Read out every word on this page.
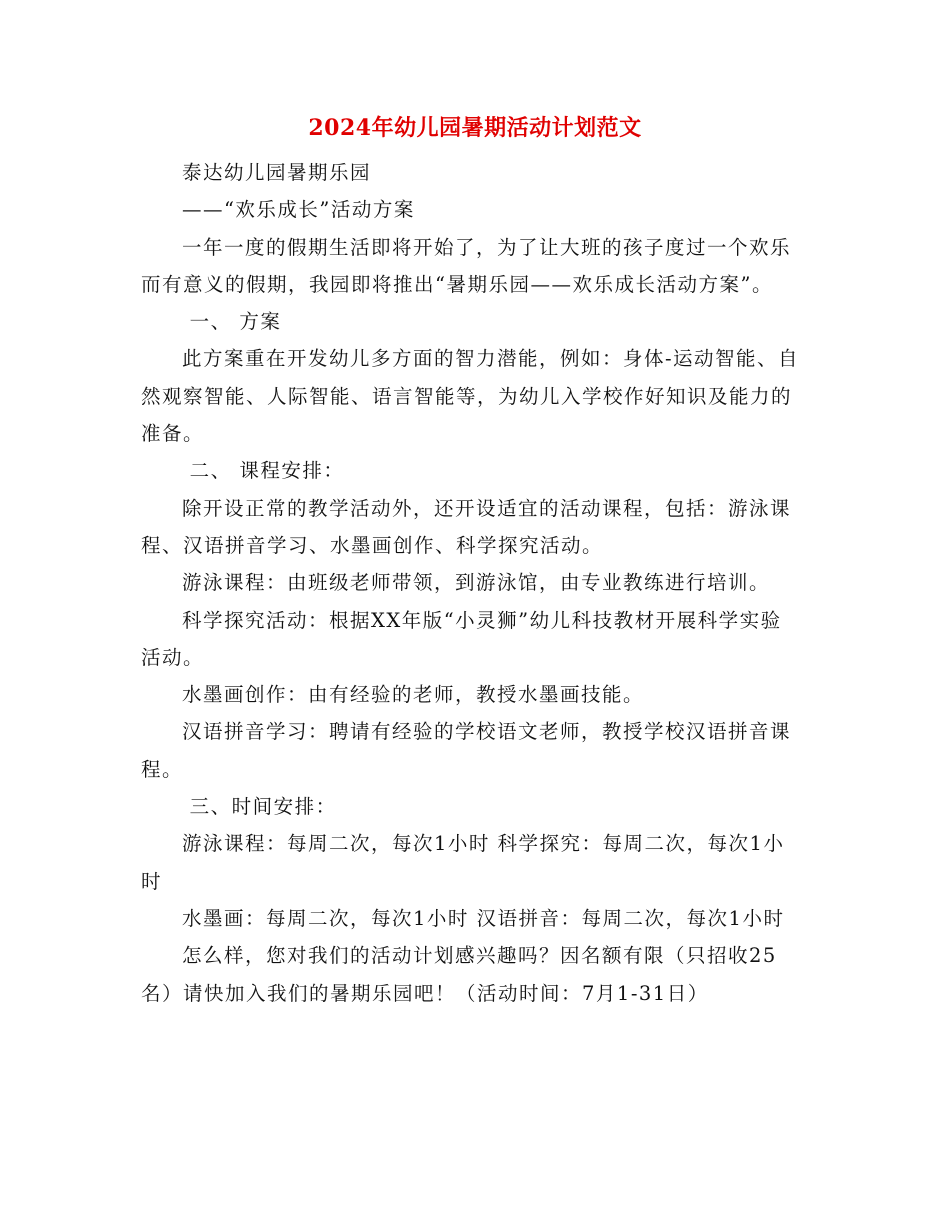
2024年幼儿园暑期活动计划范文

泰达幼儿园暑期乐园

——“欢乐成长”活动方案

一年一度的假期生活即将开始了，为了让大班的孩子度过一个欢乐而有意义的假期，我园即将推出“暑期乐园——欢乐成长活动方案”。

一、 方案

此方案重在开发幼儿多方面的智力潜能，例如：身体-运动智能、自然观察智能、人际智能、语言智能等，为幼儿入学校作好知识及能力的准备。

二、 课程安排：

除开设正常的教学活动外，还开设适宜的活动课程，包括：游泳课程、汉语拼音学习、水墨画创作、科学探究活动。

游泳课程：由班级老师带领，到游泳馆，由专业教练进行培训。

科学探究活动：根据XX年版“小灵狮”幼儿科技教材开展科学实验活动。

水墨画创作：由有经验的老师，教授水墨画技能。

汉语拼音学习：聘请有经验的学校语文老师，教授学校汉语拼音课程。

三、时间安排：

游泳课程：每周二次，每次1小时 科学探究：每周二次，每次1小时

水墨画：每周二次，每次1小时 汉语拼音：每周二次，每次1小时

怎么样，您对我们的活动计划感兴趣吗？因名额有限（只招收25名）请快加入我们的暑期乐园吧！（活动时间：7月1-31日）
